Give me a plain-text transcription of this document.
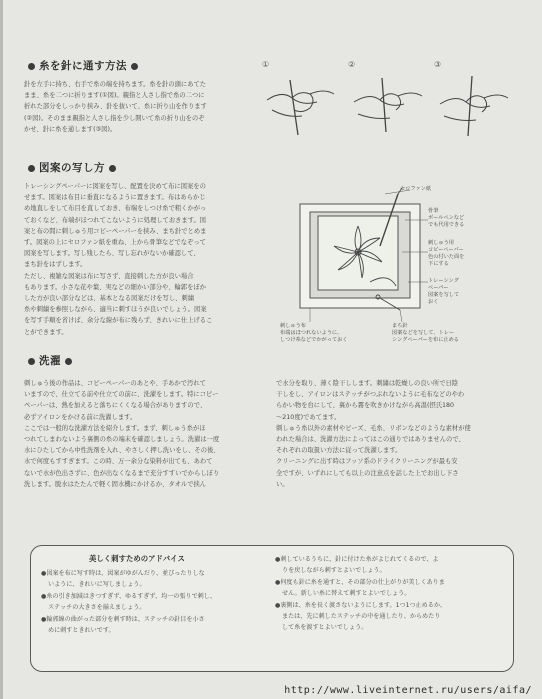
糸を針に通す方法

針を左手に持ち、右手で糸の端を持ちます。糸を針の頭にあてた

まま、糸を二つに折ります(①図)。親指と人さし指で糸の二つに

折れた部分をしっかり挟み、針を抜いて、糸に折り山を作ります

(②図)。そのまま親指と人さし指を少し開いて糸の折り山をのぞ

かせ、針に糸を通します(③図)。

①	②	③
図案の写し方

トレーシングペーパーに図案を写し、配置を決めて布に図案をの

せます。図案は布目に垂直になるように置きます。布はあらかじ

め地直しをして布目を直しておき、布端をしつけ糸で粗くかがっ

ておくなど、布端がほつれてこないように処理しておきます。図

案と布の間に刺しゅう用コピーペーパーを挟み、まち針でとめま

す。図案の上にセロファン紙を重ね、上から骨筆などでなぞって

図案を写します。写し残したら、写し忘れがないか確認して、

まち針をはずします。

ただし、複雑な図案は布に写さず、直接刺した方が良い場合

もあります。小さな花や葉、実などの細かい部分や、輪郭をぼか

した方が良い部分などは、基本となる図案だけを写し、刺繍

糸や刺繍を参照しながら、適当に刺すほうが良いでしょう。図案

を写す手順を省けば、余分な線が布に残らず、きれいに仕上げるこ

とができます。

セロファン紙
骨筆
ボールペンなど
でも代用できる
刺しゅう用
コピーペーパー
色の付いた面を
下にする
トレーシング
ペーパー
図案を写して
おく
刺しゅう布
布端はほつれないように、
しつけ糸などでかがっておく
まち針
図案などを写して、トレー
シングペーパーを布に止める
洗濯

刺しゅう後の作品は、コピーペーパーのあとや、手あかで汚れて

いますので、仕立てる前や仕立ての前に、洗濯をします。特にコピー

ペーパーは、熱を加えると落ちにくくなる場合がありますので、

必ずアイロンをかける前に洗濯します。

ここでは一般的な洗濯方法を紹介します。まず、刺しゅう糸がほ

つれてしまわないよう裏側の糸の端末を確認しましょう。洗濯は一度

水にひたしてから中性洗剤を入れ、やさしく押し洗いをし、その後、

水で何度もすすぎます。この時、万一余分な染料が出ても、あわて

ないで水が色出さずに、色が出なくなるまで充分すすいでからしぼり

洗します。脱水はたたんで軽く固水機にかけるか、タオルで挟ん

で水分を取り、薄く陰干しします。刺繍は乾燥しの良い所で日陰

干しをし、アイロンはステッチがつぶれないように毛布などのやわ

らかい物を台にして、裏から霧を吹きかけながら高温(摂氏180

〜210度)であてます。

刺しゅう糸以外の素材やビーズ、毛糸、リボンなどのような素材が使

われた場合は、洗濯方法によってはこの通りではありませんので、

それぞれの取扱い方法に従って洗濯します。

クリーニングに出す時はフッソ系のドライクリーニングが最も安

全ですが、いずれにしても以上の注意点を話した上でお出し下さ

い。

美しく刺すためのアドバイス

●図案を布に写す時は、図案がゆがんだり、並びったりしな

いように、きれいに写しましょう。

●糸の引き加減はきつすぎず、ゆるすぎず、均一の張りで刺し、

ステッチの大きさを揃えましょう。

●輪郭線の曲がった部分を刺す時は、ステッチの針目を小さ

めに刺すときれいです。

●刺しているうちに、針に付けた糸がよじれてくるので、よ

りを戻しながら刺すとよいでしょう。

●何度も針に糸を通すと、その部分の仕上がりが美しくありま

せん。新しい糸に替えて刺すとよいでしょう。

●裏側は、糸を長く渡さないようにします。1つ1つ止めるか、

または、先に刺したステッチの中を通したり、からめたり

して糸を渡すとよいでしょう。

http://www.liveinternet.ru/users/aifa/
